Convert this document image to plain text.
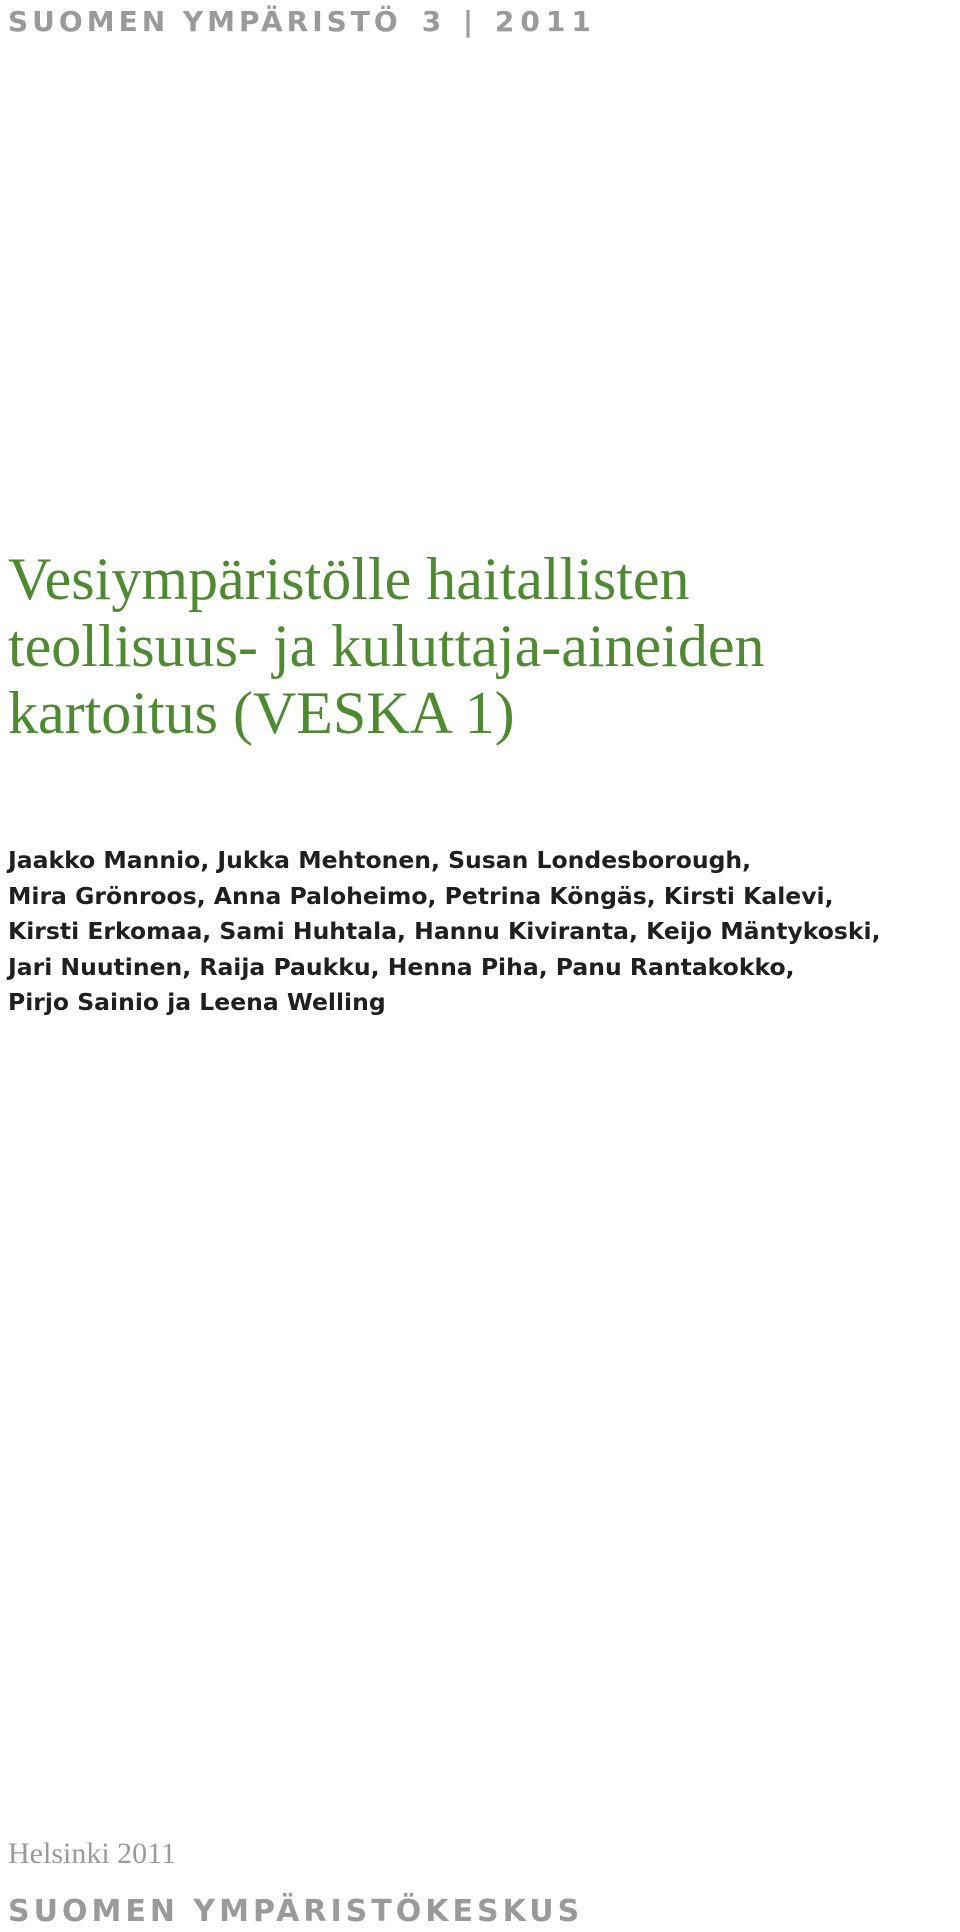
SUOMEN YMPÄRISTÖ 3 | 2011
Vesiympäristölle haitallisten
teollisuus- ja kuluttaja-aineiden
kartoitus (VESKA 1)
Jaakko Mannio, Jukka Mehtonen, Susan Londesborough,
Mira Grönroos, Anna Paloheimo, Petrina Köngäs, Kirsti Kalevi,
Kirsti Erkomaa, Sami Huhtala, Hannu Kiviranta, Keijo Mäntykoski,
Jari Nuutinen, Raija Paukku, Henna Piha, Panu Rantakokko,
Pirjo Sainio ja Leena Welling
Helsinki 2011
SUOMEN YMPÄRISTÖKESKUS
